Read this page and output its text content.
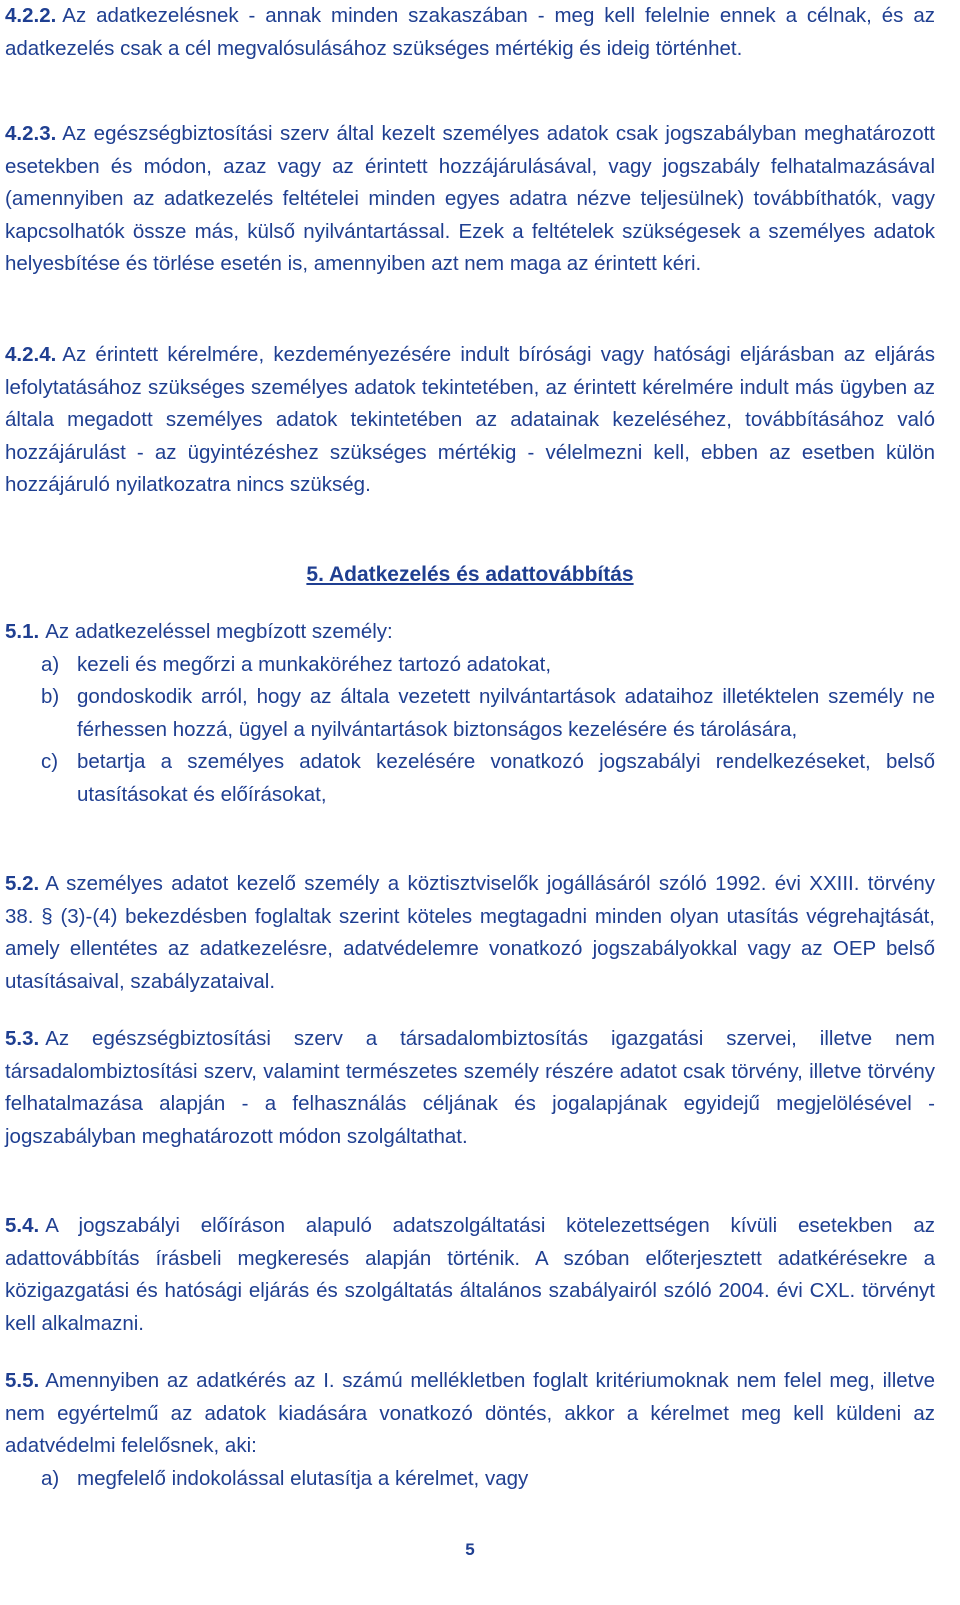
4.2.2. Az adatkezelésnek - annak minden szakaszában - meg kell felelnie ennek a célnak, és az adatkezelés csak a cél megvalósulásához szükséges mértékig és ideig történhet.

4.2.3. Az egészségbiztosítási szerv által kezelt személyes adatok csak jogszabályban meghatározott esetekben és módon, azaz vagy az érintett hozzájárulásával, vagy jogszabály felhatalmazásával (amennyiben az adatkezelés feltételei minden egyes adatra nézve teljesülnek) továbbíthatók, vagy kapcsolhatók össze más, külső nyilvántartással. Ezek a feltételek szükségesek a személyes adatok helyesbítése és törlése esetén is, amennyiben azt nem maga az érintett kéri.

4.2.4. Az érintett kérelmére, kezdeményezésére indult bírósági vagy hatósági eljárásban az eljárás lefolytatásához szükséges személyes adatok tekintetében, az érintett kérelmére indult más ügyben az általa megadott személyes adatok tekintetében az adatainak kezeléséhez, továbbításához való hozzájárulást - az ügyintézéshez szükséges mértékig - vélelmezni kell, ebben az esetben külön hozzájáruló nyilatkozatra nincs szükség.

5. Adatkezelés és adattovábbítás

5.1. Az adatkezeléssel megbízott személy:

a) kezeli és megőrzi a munkaköréhez tartozó adatokat,
b) gondoskodik arról, hogy az általa vezetett nyilvántartások adataihoz illetéktelen személy ne férhessen hozzá, ügyel a nyilvántartások biztonságos kezelésére és tárolására,
c) betartja a személyes adatok kezelésére vonatkozó jogszabályi rendelkezéseket, belső utasításokat és előírásokat,

5.2. A személyes adatot kezelő személy a köztisztviselők jogállásáról szóló 1992. évi XXIII. törvény 38. § (3)-(4) bekezdésben foglaltak szerint köteles megtagadni minden olyan utasítás végrehajtását, amely ellentétes az adatkezelésre, adatvédelemre vonatkozó jogszabályokkal vagy az OEP belső utasításaival, szabályzataival.

5.3. Az egészségbiztosítási szerv a társadalombiztosítás igazgatási szervei, illetve nem társadalombiztosítási szerv, valamint természetes személy részére adatot csak törvény, illetve törvény felhatalmazása alapján - a felhasználás céljának és jogalapjának egyidejű megjelölésével - jogszabályban meghatározott módon szolgáltathat.

5.4. A jogszabályi előíráson alapuló adatszolgáltatási kötelezettségen kívüli esetekben az adattovábbítás írásbeli megkeresés alapján történik. A szóban előterjesztett adatkérésekre a közigazgatási és hatósági eljárás és szolgáltatás általános szabályairól szóló 2004. évi CXL. törvényt kell alkalmazni.

5.5. Amennyiben az adatkérés az I. számú mellékletben foglalt kritériumoknak nem felel meg, illetve nem egyértelmű az adatok kiadására vonatkozó döntés, akkor a kérelmet meg kell küldeni az adatvédelmi felelősnek, aki:

a) megfelelő indokolással elutasítja a kérelmet, vagy
5
